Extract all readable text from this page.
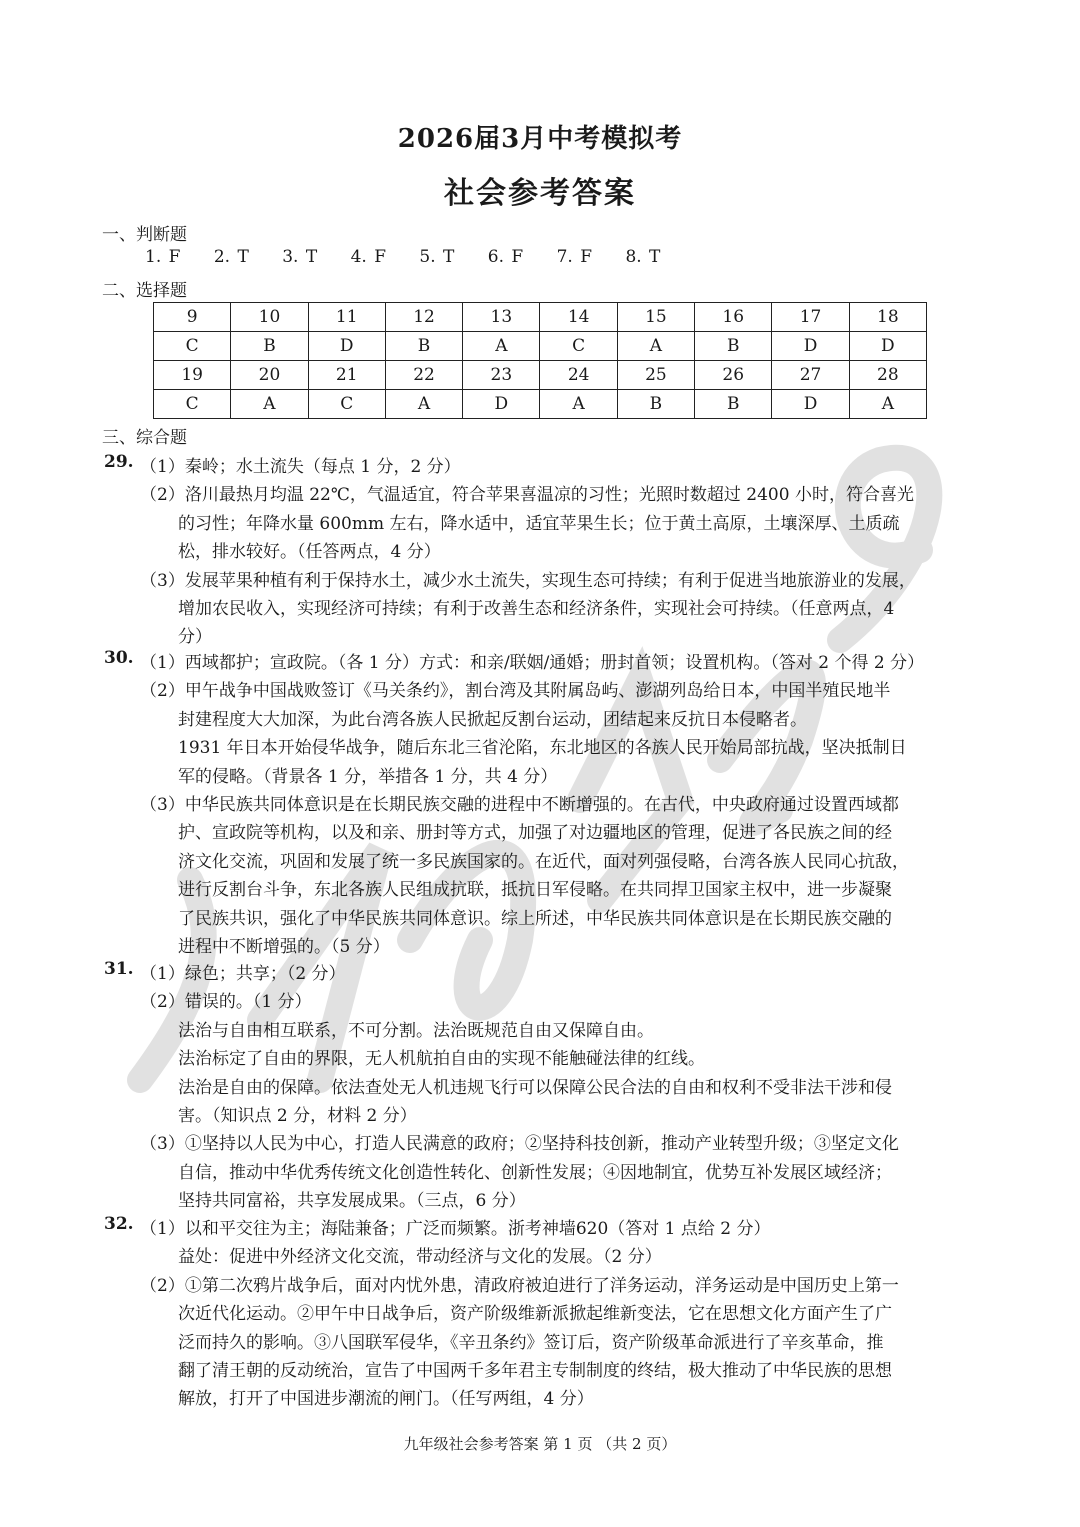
2026届3月中考模拟考
社会参考答案
一、判断题
1. F 2. T 3. T 4. F 5. T 6. F 7. F 8. T
二、选择题
9	10	11	12	13	14	15	16	17	18
C	B	D	B	A	C	A	B	D	D
19	20	21	22	23	24	25	26	27	28
C	A	C	A	D	A	B	B	D	A
三、综合题
29. （1）秦岭；水土流失（每点 1 分，2 分）
（2）洛川最热月均温 22℃，气温适宜，符合苹果喜温凉的习性；光照时数超过 2400 小时，符合喜光
的习性；年降水量 600mm 左右，降水适中，适宜苹果生长；位于黄土高原，土壤深厚、土质疏
松，排水较好。（任答两点，4 分）
（3）发展苹果种植有利于保持水土，减少水土流失，实现生态可持续；有利于促进当地旅游业的发展，
增加农民收入，实现经济可持续；有利于改善生态和经济条件，实现社会可持续。（任意两点，4
分）
30. （1）西域都护；宣政院。（各 1 分）方式：和亲/联姻/通婚；册封首领；设置机构。（答对 2 个得 2 分）
（2）甲午战争中国战败签订《马关条约》，割台湾及其附属岛屿、澎湖列岛给日本，中国半殖民地半
封建程度大大加深，为此台湾各族人民掀起反割台运动，团结起来反抗日本侵略者。
1931 年日本开始侵华战争，随后东北三省沦陷，东北地区的各族人民开始局部抗战，坚决抵制日
军的侵略。（背景各 1 分，举措各 1 分，共 4 分）
（3）中华民族共同体意识是在长期民族交融的进程中不断增强的。在古代，中央政府通过设置西域都
护、宣政院等机构，以及和亲、册封等方式，加强了对边疆地区的管理，促进了各民族之间的经
济文化交流，巩固和发展了统一多民族国家的。在近代，面对列强侵略，台湾各族人民同心抗敌，
进行反割台斗争，东北各族人民组成抗联，抵抗日军侵略。在共同捍卫国家主权中，进一步凝聚
了民族共识，强化了中华民族共同体意识。综上所述，中华民族共同体意识是在长期民族交融的
进程中不断增强的。（5 分）
31. （1）绿色；共享；（2 分）
（2）错误的。（1 分）
法治与自由相互联系，不可分割。法治既规范自由又保障自由。
法治标定了自由的界限，无人机航拍自由的实现不能触碰法律的红线。
法治是自由的保障。依法查处无人机违规飞行可以保障公民合法的自由和权利不受非法干涉和侵
害。（知识点 2 分，材料 2 分）
（3）①坚持以人民为中心，打造人民满意的政府；②坚持科技创新，推动产业转型升级；③坚定文化
自信，推动中华优秀传统文化创造性转化、创新性发展；④因地制宜，优势互补发展区域经济；
坚持共同富裕，共享发展成果。（三点，6 分）
32. （1）以和平交往为主；海陆兼备；广泛而频繁。浙考神墙620（答对 1 点给 2 分）
益处：促进中外经济文化交流，带动经济与文化的发展。（2 分）
（2）①第二次鸦片战争后，面对内忧外患，清政府被迫进行了洋务运动，洋务运动是中国历史上第一
次近代化运动。②甲午中日战争后，资产阶级维新派掀起维新变法，它在思想文化方面产生了广
泛而持久的影响。③八国联军侵华，《辛丑条约》签订后，资产阶级革命派进行了辛亥革命，推
翻了清王朝的反动统治，宣告了中国两千多年君主专制制度的终结，极大推动了中华民族的思想
解放，打开了中国进步潮流的闸门。（任写两组，4 分）
九年级社会参考答案 第 1 页 （共 2 页）
